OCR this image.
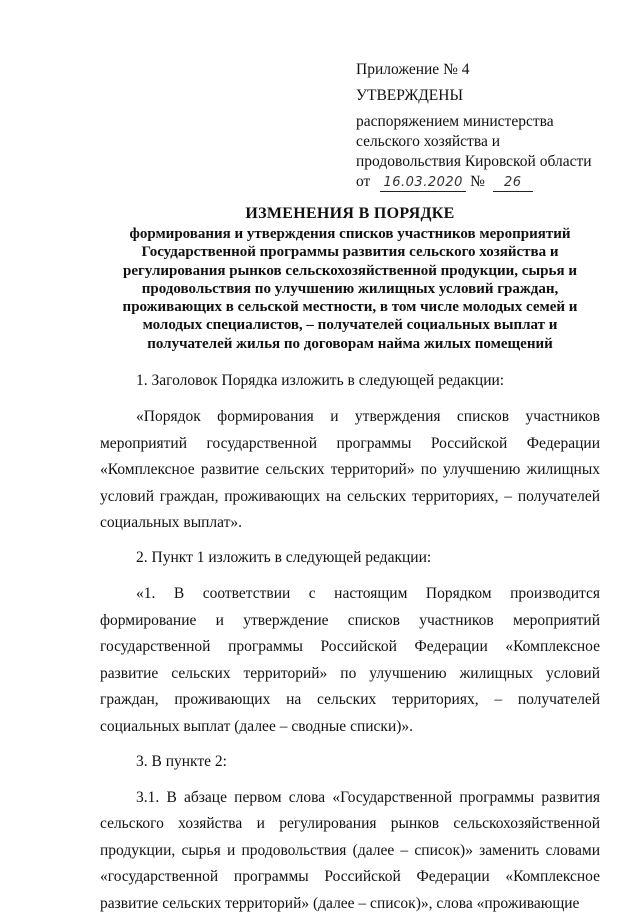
Приложение № 4
УТВЕРЖДЕНЫ
распоряжением министерства
сельского хозяйства и
продовольствия Кировской области
от 16.03.2020 № 26
ИЗМЕНЕНИЯ В ПОРЯДКЕ
формирования и утверждения списков участников мероприятий Государственной программы развития сельского хозяйства и регулирования рынков сельскохозяйственной продукции, сырья и продовольствия по улучшению жилищных условий граждан, проживающих в сельской местности, в том числе молодых семей и молодых специалистов, – получателей социальных выплат и получателей жилья по договорам найма жилых помещений

1. Заголовок Порядка изложить в следующей редакции:

«Порядок формирования и утверждения списков участников мероприятий государственной программы Российской Федерации «Комплексное развитие сельских территорий» по улучшению жилищных условий граждан, проживающих на сельских территориях, – получателей социальных выплат».

2. Пункт 1 изложить в следующей редакции:

«1. В соответствии с настоящим Порядком производится формирование и утверждение списков участников мероприятий государственной программы Российской Федерации «Комплексное развитие сельских территорий» по улучшению жилищных условий граждан, проживающих на сельских территориях, – получателей социальных выплат (далее – сводные списки)».

3. В пункте 2:

3.1. В абзаце первом слова «Государственной программы развития сельского хозяйства и регулирования рынков сельскохозяйственной продукции, сырья и продовольствия (далее – список)» заменить словами «государственной программы Российской Федерации «Комплексное развитие сельских территорий» (далее – список)», слова «проживающие
